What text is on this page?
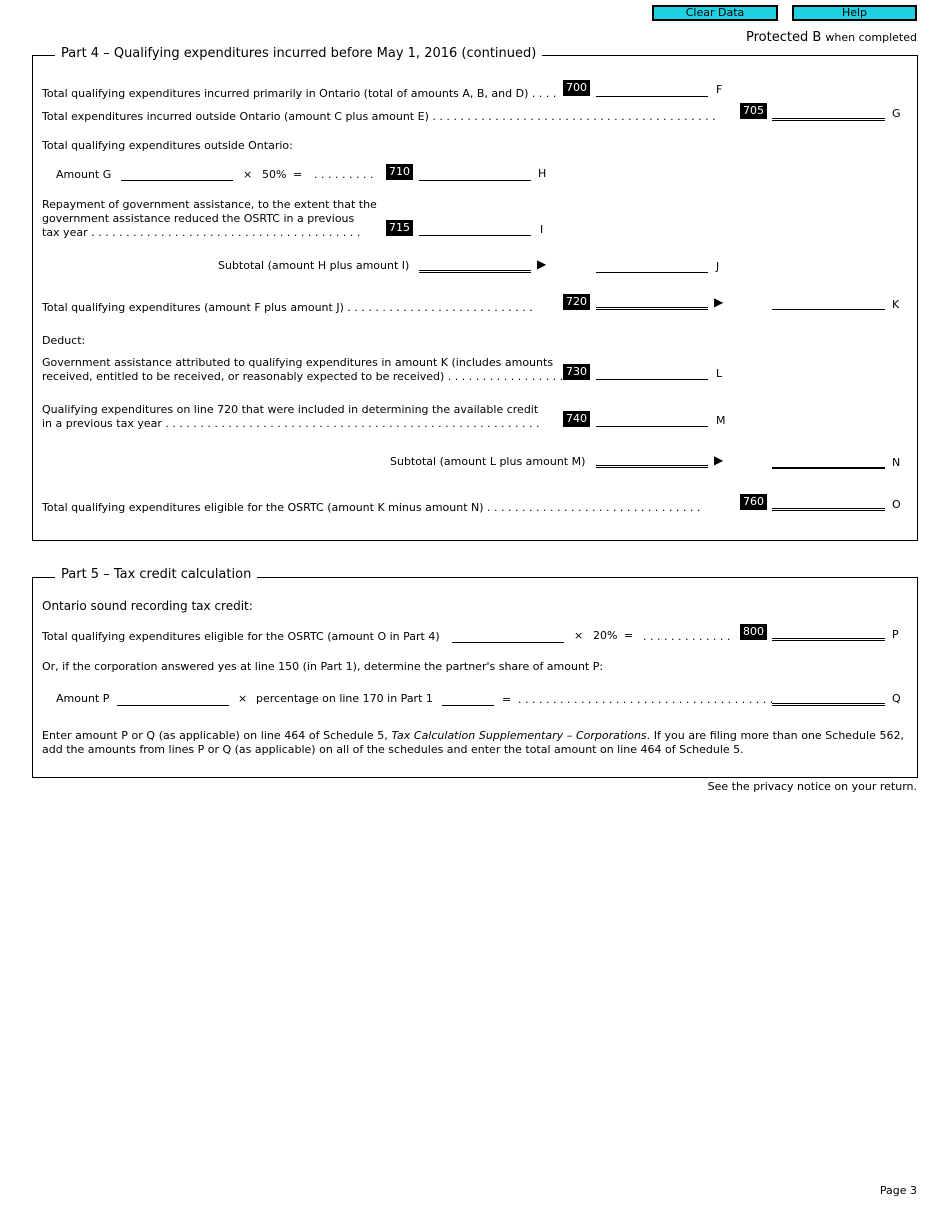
Clear Data	Help
Protected B when completed
Part 4 – Qualifying expenditures incurred before May 1, 2016 (continued)
Total qualifying expenditures incurred primarily in Ontario (total of amounts A, B, and D) . . . . 700	F
Total expenditures incurred outside Ontario (amount C plus amount E) . . . . . . . . . . . . . . . . . . . . . . . . . . . . . . . . . . . . . . . . . 705	G
Total qualifying expenditures outside Ontario:
Amount G	× 50% = . . . . . . . . . 710	H
Repayment of government assistance, to the extent that the
government assistance reduced the OSRTC in a previous
tax year . . . . . . . . . . . . . . . . . . . . . . . . . . . . . . . . . . . . . . .	715	I
Subtotal (amount H plus amount I)	▶	J
Total qualifying expenditures (amount F plus amount J) . . . . . . . . . . . . . . . . . . . . . . . . . . .	720	▶	K
Deduct:
Government assistance attributed to qualifying expenditures in amount K (includes amounts
received, entitled to be received, or reasonably expected to be received) . . . . . . . . . . . . . . . . . 730	L
Qualifying expenditures on line 720 that were included in determining the available credit
in a previous tax year . . . . . . . . . . . . . . . . . . . . . . . . . . . . . . . . . . . . . . . . . . . . . . . . . . . . . . 740	M
Subtotal (amount L plus amount M)	▶	N
Total qualifying expenditures eligible for the OSRTC (amount K minus amount N) . . . . . . . . . . . . . . . . . . . . . . . . . . . . . . .	760	O
Part 5 – Tax credit calculation
Ontario sound recording tax credit:
Total qualifying expenditures eligible for the OSRTC (amount O in Part 4)	× 20% = . . . . . . . . . . . . . 800	P
Or, if the corporation answered yes at line 150 (in Part 1), determine the partner's share of amount P:
Amount P	× percentage on line 170 in Part 1	= . . . . . . . . . . . . . . . . . . . . . . . . . . . . . . . . . . . . .	Q
Enter amount P or Q (as applicable) on line 464 of Schedule 5, Tax Calculation Supplementary – Corporations. If you are filing more than one Schedule 562, add the amounts from lines P or Q (as applicable) on all of the schedules and enter the total amount on line 464 of Schedule 5.
See the privacy notice on your return.
Page 3
